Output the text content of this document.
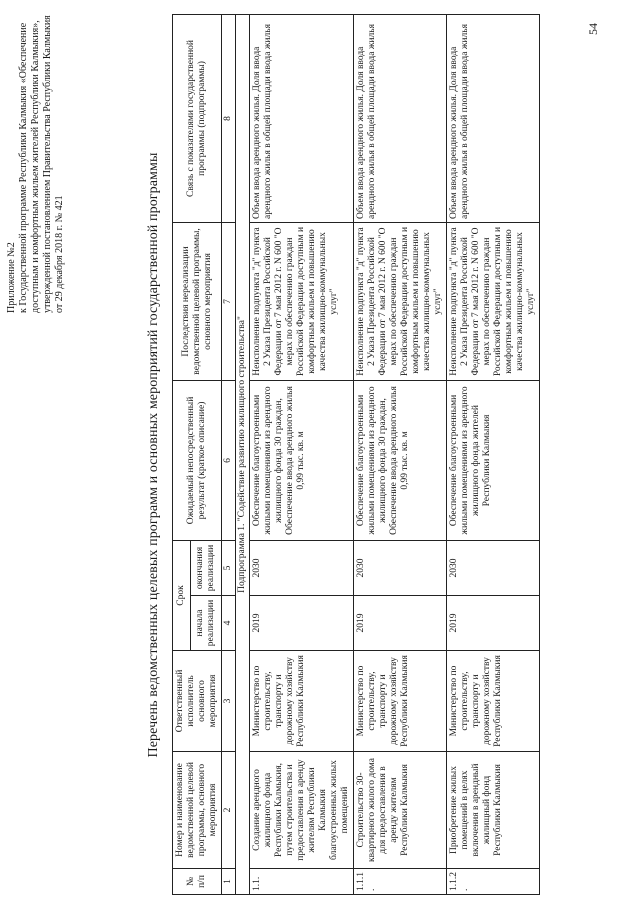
Приложение №2 к Государственной программе Республики Калмыкия «Обеспечение доступным и комфортным жильем жителей Республики Калмыкия», утвержденной постановлением Правительства Республики Калмыкия от 29 декабря 2018 г. № 421	Перечень ведомственных целевых программ и основных мероприятий государственной программы
№ п/п	Номер и наименование ведомственной целевой программы, основного мероприятия	Ответственный исполнитель основного мероприятия	Срок		Ожидаемый непосредственный результат (краткое описание)	Последствия нереализации ведомственной целевой программы, основного мероприятия	Связь с показателями государственной программы (подпрограммы)
			начала реализации	окончания реализации			
1	2	3	4	5	6	7	8
Подпрограмма 1. "Содействие развитию жилищного строительства"							
1.1.	Создание арендного жилищного фонда Республики Калмыкия, путем строительства и предоставления в аренду жителям Республики Калмыкия благоустроенных жилых помещений	Министерство по строительству, транспорту и дорожному хозяйству Республики Калмыкия	2019	2030	Обеспечение благоустроенными жилыми помещениями из арендного жилищного фонда 30 граждан, Обеспечение ввода арендного жилья 0,99 тыс. кв. м	Неисполнение подпункта "д" пункта 2 Указа Президента Российской Федерации от 7 мая 2012 г. N 600 "О мерах по обеспечению граждан Российской Федерации доступным и комфортным жильем и повышению качества жилищно-коммунальных услуг"	Объем ввода арендного жилья. Доля ввода арендного жилья в общей площади ввода жилья
1.1.1.	Строительство 30-квартирного жилого дома для предоставления в аренду жителям Республики Калмыкия	Министерство по строительству, транспорту и дорожному хозяйству Республики Калмыкия	2019	2030	Обеспечение благоустроенными жилыми помещениями из арендного жилищного фонда 30 граждан, Обеспечение ввода арендного жилья 0,99 тыс. кв. м	Неисполнение подпункта "д" пункта 2 Указа Президента Российской Федерации от 7 мая 2012 г. N 600 "О мерах по обеспечению граждан Российской Федерации доступным и комфортным жильем и повышению качества жилищно-коммунальных услуг"	Объем ввода арендного жилья. Доля ввода арендного жилья в общей площади ввода жилья
1.1.2.	Приобретение жилых помещений в целях включения в арендный жилищный фонд Республики Калмыкия	Министерство по строительству, транспорту и дорожному хозяйству Республики Калмыкия	2019	2030	Обеспечение благоустроенными жилыми помещениями из арендного жилищного фонда жителей Республики Калмыкия	Неисполнение подпункта "д" пункта 2 Указа Президента Российской Федерации от 7 мая 2012 г. N 600 "О мерах по обеспечению граждан Российской Федерации доступным и комфортным жильем и повышению качества жилищно-коммунальных услуг"	Объем ввода арендного жилья. Доля ввода арендного жилья в общей площади ввода жилья	54
